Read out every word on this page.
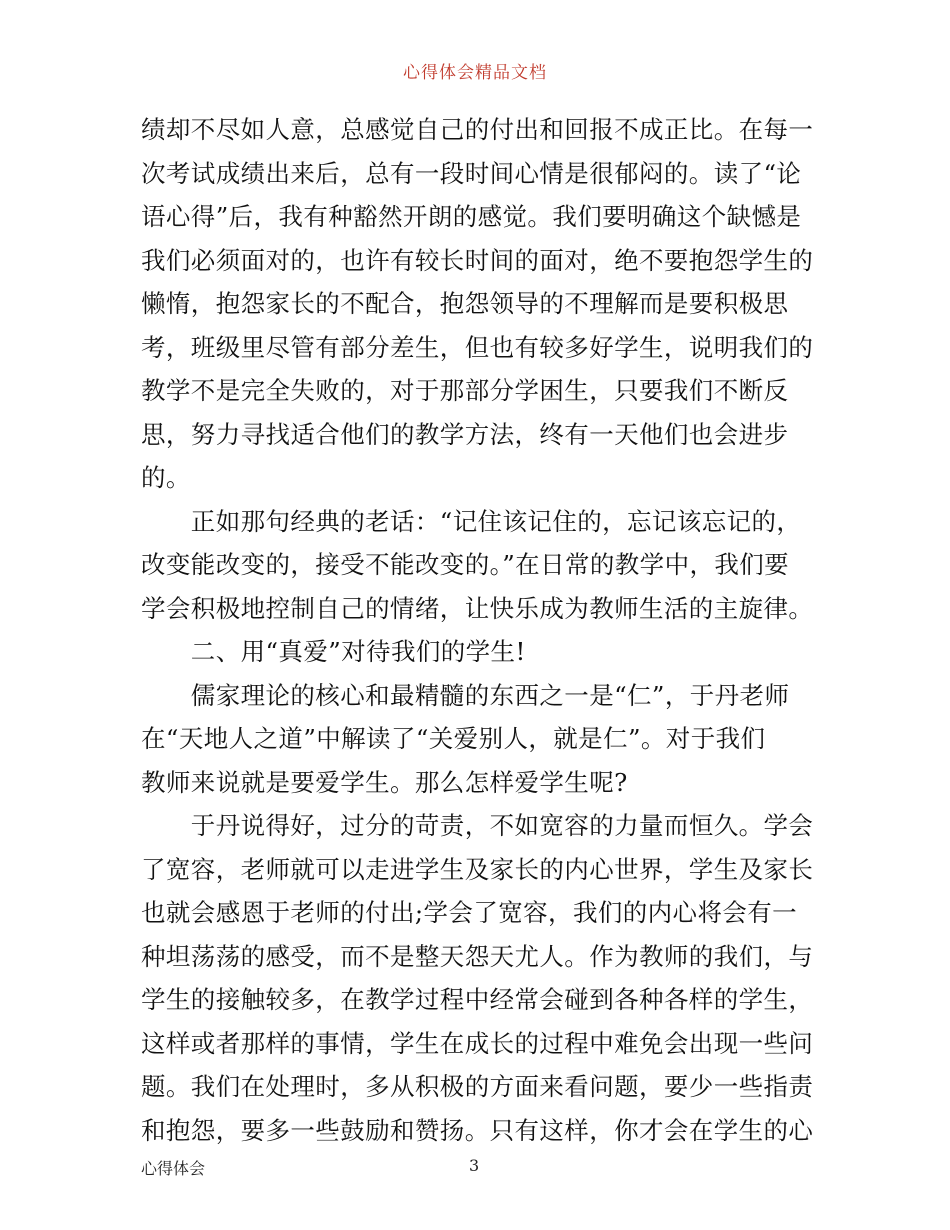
心得体会精品文档
绩却不尽如人意，总感觉自己的付出和回报不成正比。在每一
次考试成绩出来后，总有一段时间心情是很郁闷的。读了“论
语心得”后，我有种豁然开朗的感觉。我们要明确这个缺憾是
我们必须面对的，也许有较长时间的面对，绝不要抱怨学生的
懒惰，抱怨家长的不配合，抱怨领导的不理解而是要积极思
考，班级里尽管有部分差生，但也有较多好学生，说明我们的
教学不是完全失败的，对于那部分学困生，只要我们不断反
思，努力寻找适合他们的教学方法，终有一天他们也会进步
的。
　　正如那句经典的老话：“记住该记住的，忘记该忘记的，
改变能改变的，接受不能改变的。”在日常的教学中，我们要
学会积极地控制自己的情绪，让快乐成为教师生活的主旋律。
　　二、用“真爱”对待我们的学生!
　　儒家理论的核心和最精髓的东西之一是“仁”，于丹老师
在“天地人之道”中解读了“关爱别人，就是仁”。对于我们
教师来说就是要爱学生。那么怎样爱学生呢?
　　于丹说得好，过分的苛责，不如宽容的力量而恒久。学会
了宽容，老师就可以走进学生及家长的内心世界，学生及家长
也就会感恩于老师的付出;学会了宽容，我们的内心将会有一
种坦荡荡的感受，而不是整天怨天尤人。作为教师的我们，与
学生的接触较多，在教学过程中经常会碰到各种各样的学生，
这样或者那样的事情，学生在成长的过程中难免会出现一些问
题。我们在处理时，多从积极的方面来看问题，要少一些指责
和抱怨，要多一些鼓励和赞扬。只有这样，你才会在学生的心
心得体会	3
